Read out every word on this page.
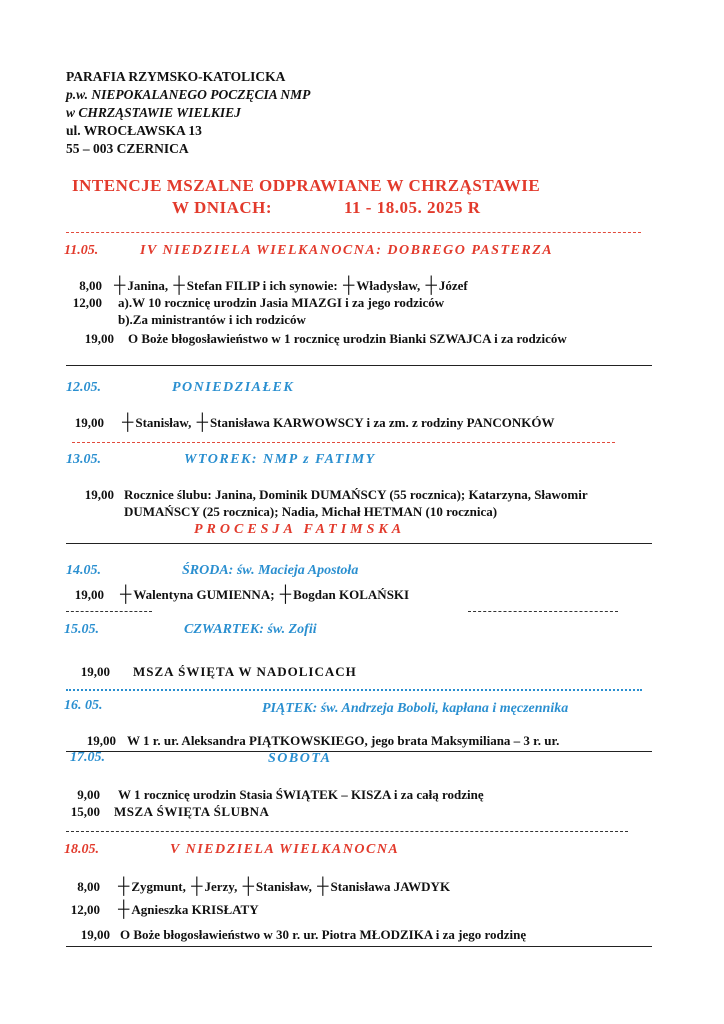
PARAFIA RZYMSKO-KATOLICKA
p.w. NIEPOKALANEGO POCZĘCIA NMP
w CHRZĄSTAWIE WIELKIEJ
ul. WROCŁAWSKA 13
55 – 003 CZERNICA
INTENCJE MSZALNE ODPRAWIANE W CHRZĄSTAWIE
W DNIACH:	11 - 18.05. 2025 R
11.05.	IV NIEDZIELA WIELKANOCNA: DOBREGO PASTERZA
8,00 ┼ Janina, ┼ Stefan FILIP i ich synowie: ┼ Władysław, ┼ Józef
12,00 a).W 10 rocznicę urodzin Jasia MIAZGI i za jego rodziców
b).Za ministrantów i ich rodziców
19,00 O Boże błogosławieństwo w 1 rocznicę urodzin Bianki SZWAJCA i za rodziców
12.05.	PONIEDZIAŁEK
19,00 ┼ Stanisław, ┼ Stanisława KARWOWSCY i za zm. z rodziny PANCONKÓW
13.05.	WTOREK: NMP z FATIMY
19,00 Rocznice ślubu: Janina, Dominik DUMAŃSCY (55 rocznica); Katarzyna, Sławomir
DUMAŃSCY (25 rocznica); Nadia, Michał HETMAN (10 rocznica)
PROCESJA FATIMSKA
14.05.	ŚRODA: św. Macieja Apostoła
19,00 ┼ Walentyna GUMIENNA; ┼ Bogdan KOLAŃSKI
15.05.	CZWARTEK: św. Zofii
19,00 MSZA ŚWIĘTA W NADOLICACH
16. 05.	PIĄTEK: św. Andrzeja Boboli, kapłana i męczennika
19,00 W 1 r. ur. Aleksandra PIĄTKOWSKIEGO, jego brata Maksymiliana – 3 r. ur.
17.05.	SOBOTA
9,00 W 1 rocznicę urodzin Stasia ŚWIĄTEK – KISZA i za całą rodzinę
15,00 MSZA ŚWIĘTA ŚLUBNA
18.05.	V NIEDZIELA WIELKANOCNA
8,00 ┼ Zygmunt, ┼ Jerzy, ┼ Stanisław, ┼ Stanisława JAWDYK
12,00 ┼ Agnieszka KRISŁATY
19,00 O Boże błogosławieństwo w 30 r. ur. Piotra MŁODZIKA i za jego rodzinę
